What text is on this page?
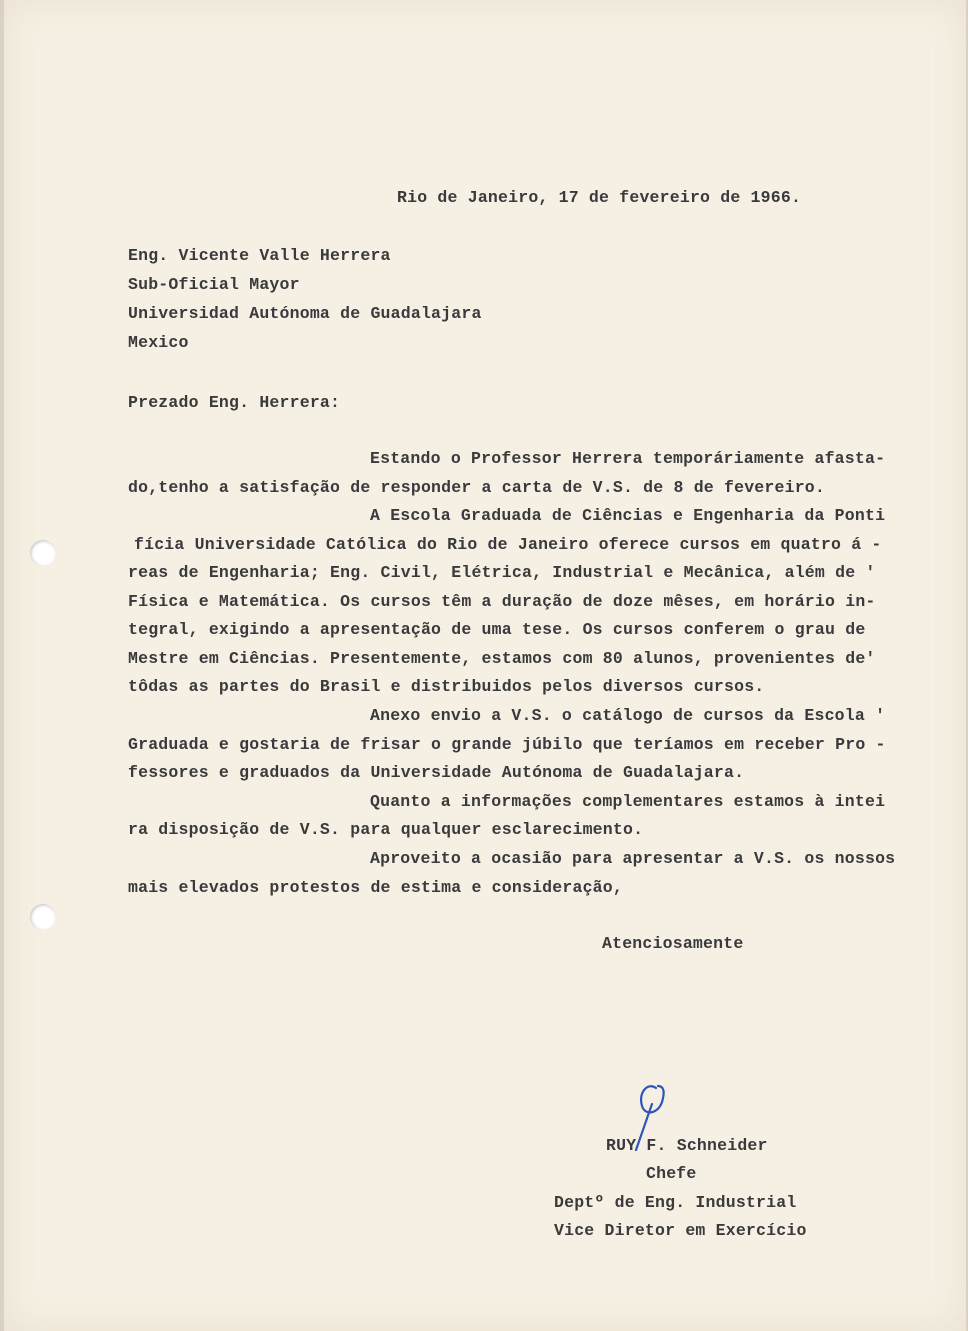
Rio de Janeiro, 17 de fevereiro de 1966.
Eng. Vicente Valle Herrera
Sub-Oficial Mayor
Universidad Autónoma de Guadalajara
Mexico
Prezado Eng. Herrera:
Estando o Professor Herrera temporáriamente afasta-
do,tenho a satisfação de responder a carta de V.S. de 8 de fevereiro.
A Escola Graduada de Ciências e Engenharia da Ponti
fícia Universidade Católica do Rio de Janeiro oferece cursos em quatro á -
reas de Engenharia; Eng. Civil, Elétrica, Industrial e Mecânica, além de '
Física e Matemática. Os cursos têm a duração de doze mêses, em horário in-
tegral, exigindo a apresentação de uma tese. Os cursos conferem o grau de
Mestre em Ciências. Presentemente, estamos com 80 alunos, provenientes de'
tôdas as partes do Brasil e distribuidos pelos diversos cursos.
Anexo envio a V.S. o catálogo de cursos da Escola '
Graduada e gostaria de frisar o grande júbilo que teríamos em receber Pro -
fessores e graduados da Universidade Autónoma de Guadalajara.
Quanto a informações complementares estamos à intei
ra disposição de V.S. para qualquer esclarecimento.
Aproveito a ocasião para apresentar a V.S. os nossos
mais elevados protestos de estima e consideração,
Atenciosamente
RUY F. Schneider
Chefe
Deptº de Eng. Industrial
Vice Diretor em Exercício
